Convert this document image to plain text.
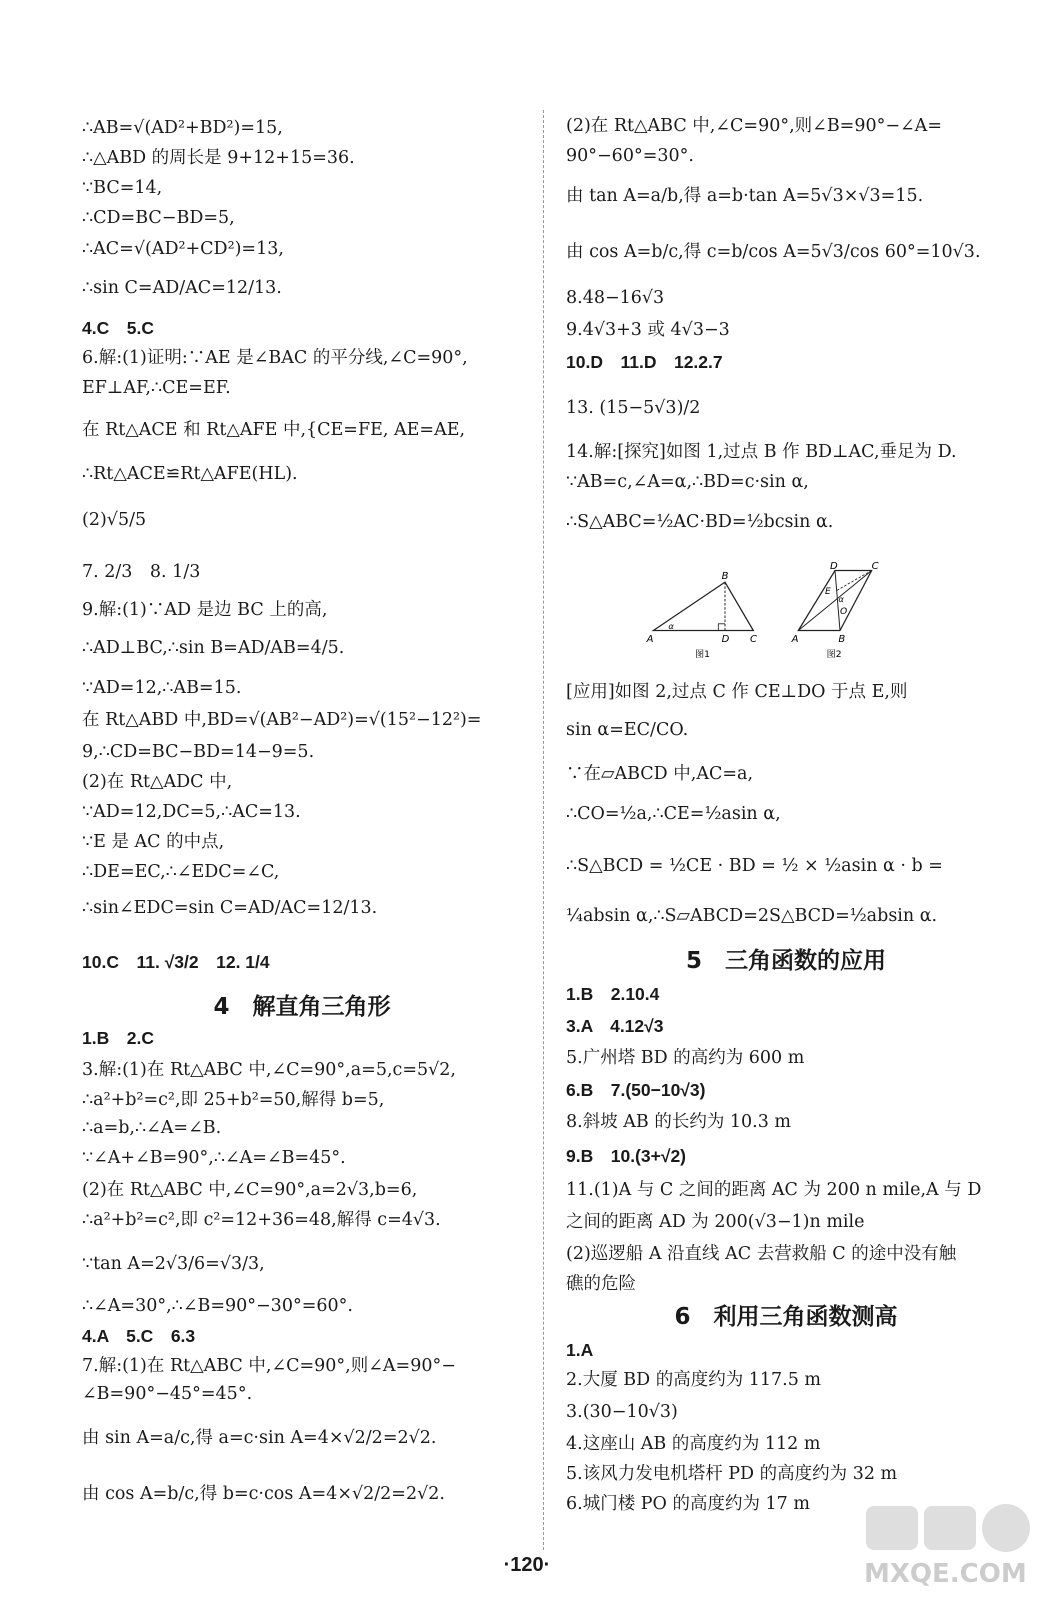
∴AB=√(AD²+BD²)=15,
∴△ABD 的周长是 9+12+15=36.
∵BC=14,
∴CD=BC−BD=5,
∴AC=√(AD²+CD²)=13,
∴sin C=AD/AC=12/13.
4.C　5.C
6.解:(1)证明:∵AE 是∠BAC 的平分线,∠C=90°,
EF⊥AF,∴CE=EF.
在 Rt△ACE 和 Rt△AFE 中,{CE=FE, AE=AE,
∴Rt△ACE≌Rt△AFE(HL).
(2)√5/5
7. 2/3　8. 1/3
9.解:(1)∵AD 是边 BC 上的高,
∴AD⊥BC,∴sin B=AD/AB=4/5.
∵AD=12,∴AB=15.
在 Rt△ABD 中,BD=√(AB²−AD²)=√(15²−12²)=
9,∴CD=BC−BD=14−9=5.
(2)在 Rt△ADC 中,
∵AD=12,DC=5,∴AC=13.
∵E 是 AC 的中点,
∴DE=EC,∴∠EDC=∠C,
∴sin∠EDC=sin C=AD/AC=12/13.
10.C　11. √3/2　12. 1/4
4　解直角三角形
1.B　2.C
3.解:(1)在 Rt△ABC 中,∠C=90°,a=5,c=5√2,
∴a²+b²=c²,即 25+b²=50,解得 b=5,
∴a=b,∴∠A=∠B.
∵∠A+∠B=90°,∴∠A=∠B=45°.
(2)在 Rt△ABC 中,∠C=90°,a=2√3,b=6,
∴a²+b²=c²,即 c²=12+36=48,解得 c=4√3.
∵tan A=2√3/6=√3/3,
∴∠A=30°,∴∠B=90°−30°=60°.
4.A　5.C　6.3
7.解:(1)在 Rt△ABC 中,∠C=90°,则∠A=90°−
∠B=90°−45°=45°.
由 sin A=a/c,得 a=c·sin A=4×√2/2=2√2.
由 cos A=b/c,得 b=c·cos A=4×√2/2=2√2.
(2)在 Rt△ABC 中,∠C=90°,则∠B=90°−∠A=
90°−60°=30°.
由 tan A=a/b,得 a=b·tan A=5√3×√3=15.
由 cos A=b/c,得 c=b/cos A=5√3/cos 60°=10√3.
8.48−16√3
9.4√3+3 或 4√3−3
10.D　11.D　12.2.7
13. (15−5√3)/2
14.解:[探究]如图 1,过点 B 作 BD⊥AC,垂足为 D.
∵AB=c,∠A=α,∴BD=c·sin α,
∴S△ABC=½AC·BD=½bcsin α.
α
A
B
C
D
图1
α
A	B
C
D
E
O
图2
[应用]如图 2,过点 C 作 CE⊥DO 于点 E,则
sin α=EC/CO.
∵在▱ABCD 中,AC=a,
∴CO=½a,∴CE=½asin α,
∴S△BCD = ½CE · BD = ½ × ½asin α · b =
¼absin α,∴S▱ABCD=2S△BCD=½absin α.
5　三角函数的应用
1.B　2.10.4
3.A　4.12√3
5.广州塔 BD 的高约为 600 m
6.B　7.(50−10√3)
8.斜坡 AB 的长约为 10.3 m
9.B　10.(3+√2)
11.(1)A 与 C 之间的距离 AC 为 200 n mile,A 与 D
之间的距离 AD 为 200(√3−1)n mile
(2)巡逻船 A 沿直线 AC 去营救船 C 的途中没有触
礁的危险
6　利用三角函数测高
1.A
2.大厦 BD 的高度约为 117.5 m
3.(30−10√3)
4.这座山 AB 的高度约为 112 m
5.该风力发电机塔杆 PD 的高度约为 32 m
6.城门楼 PO 的高度约为 17 m
·120·	MXQE.COM
